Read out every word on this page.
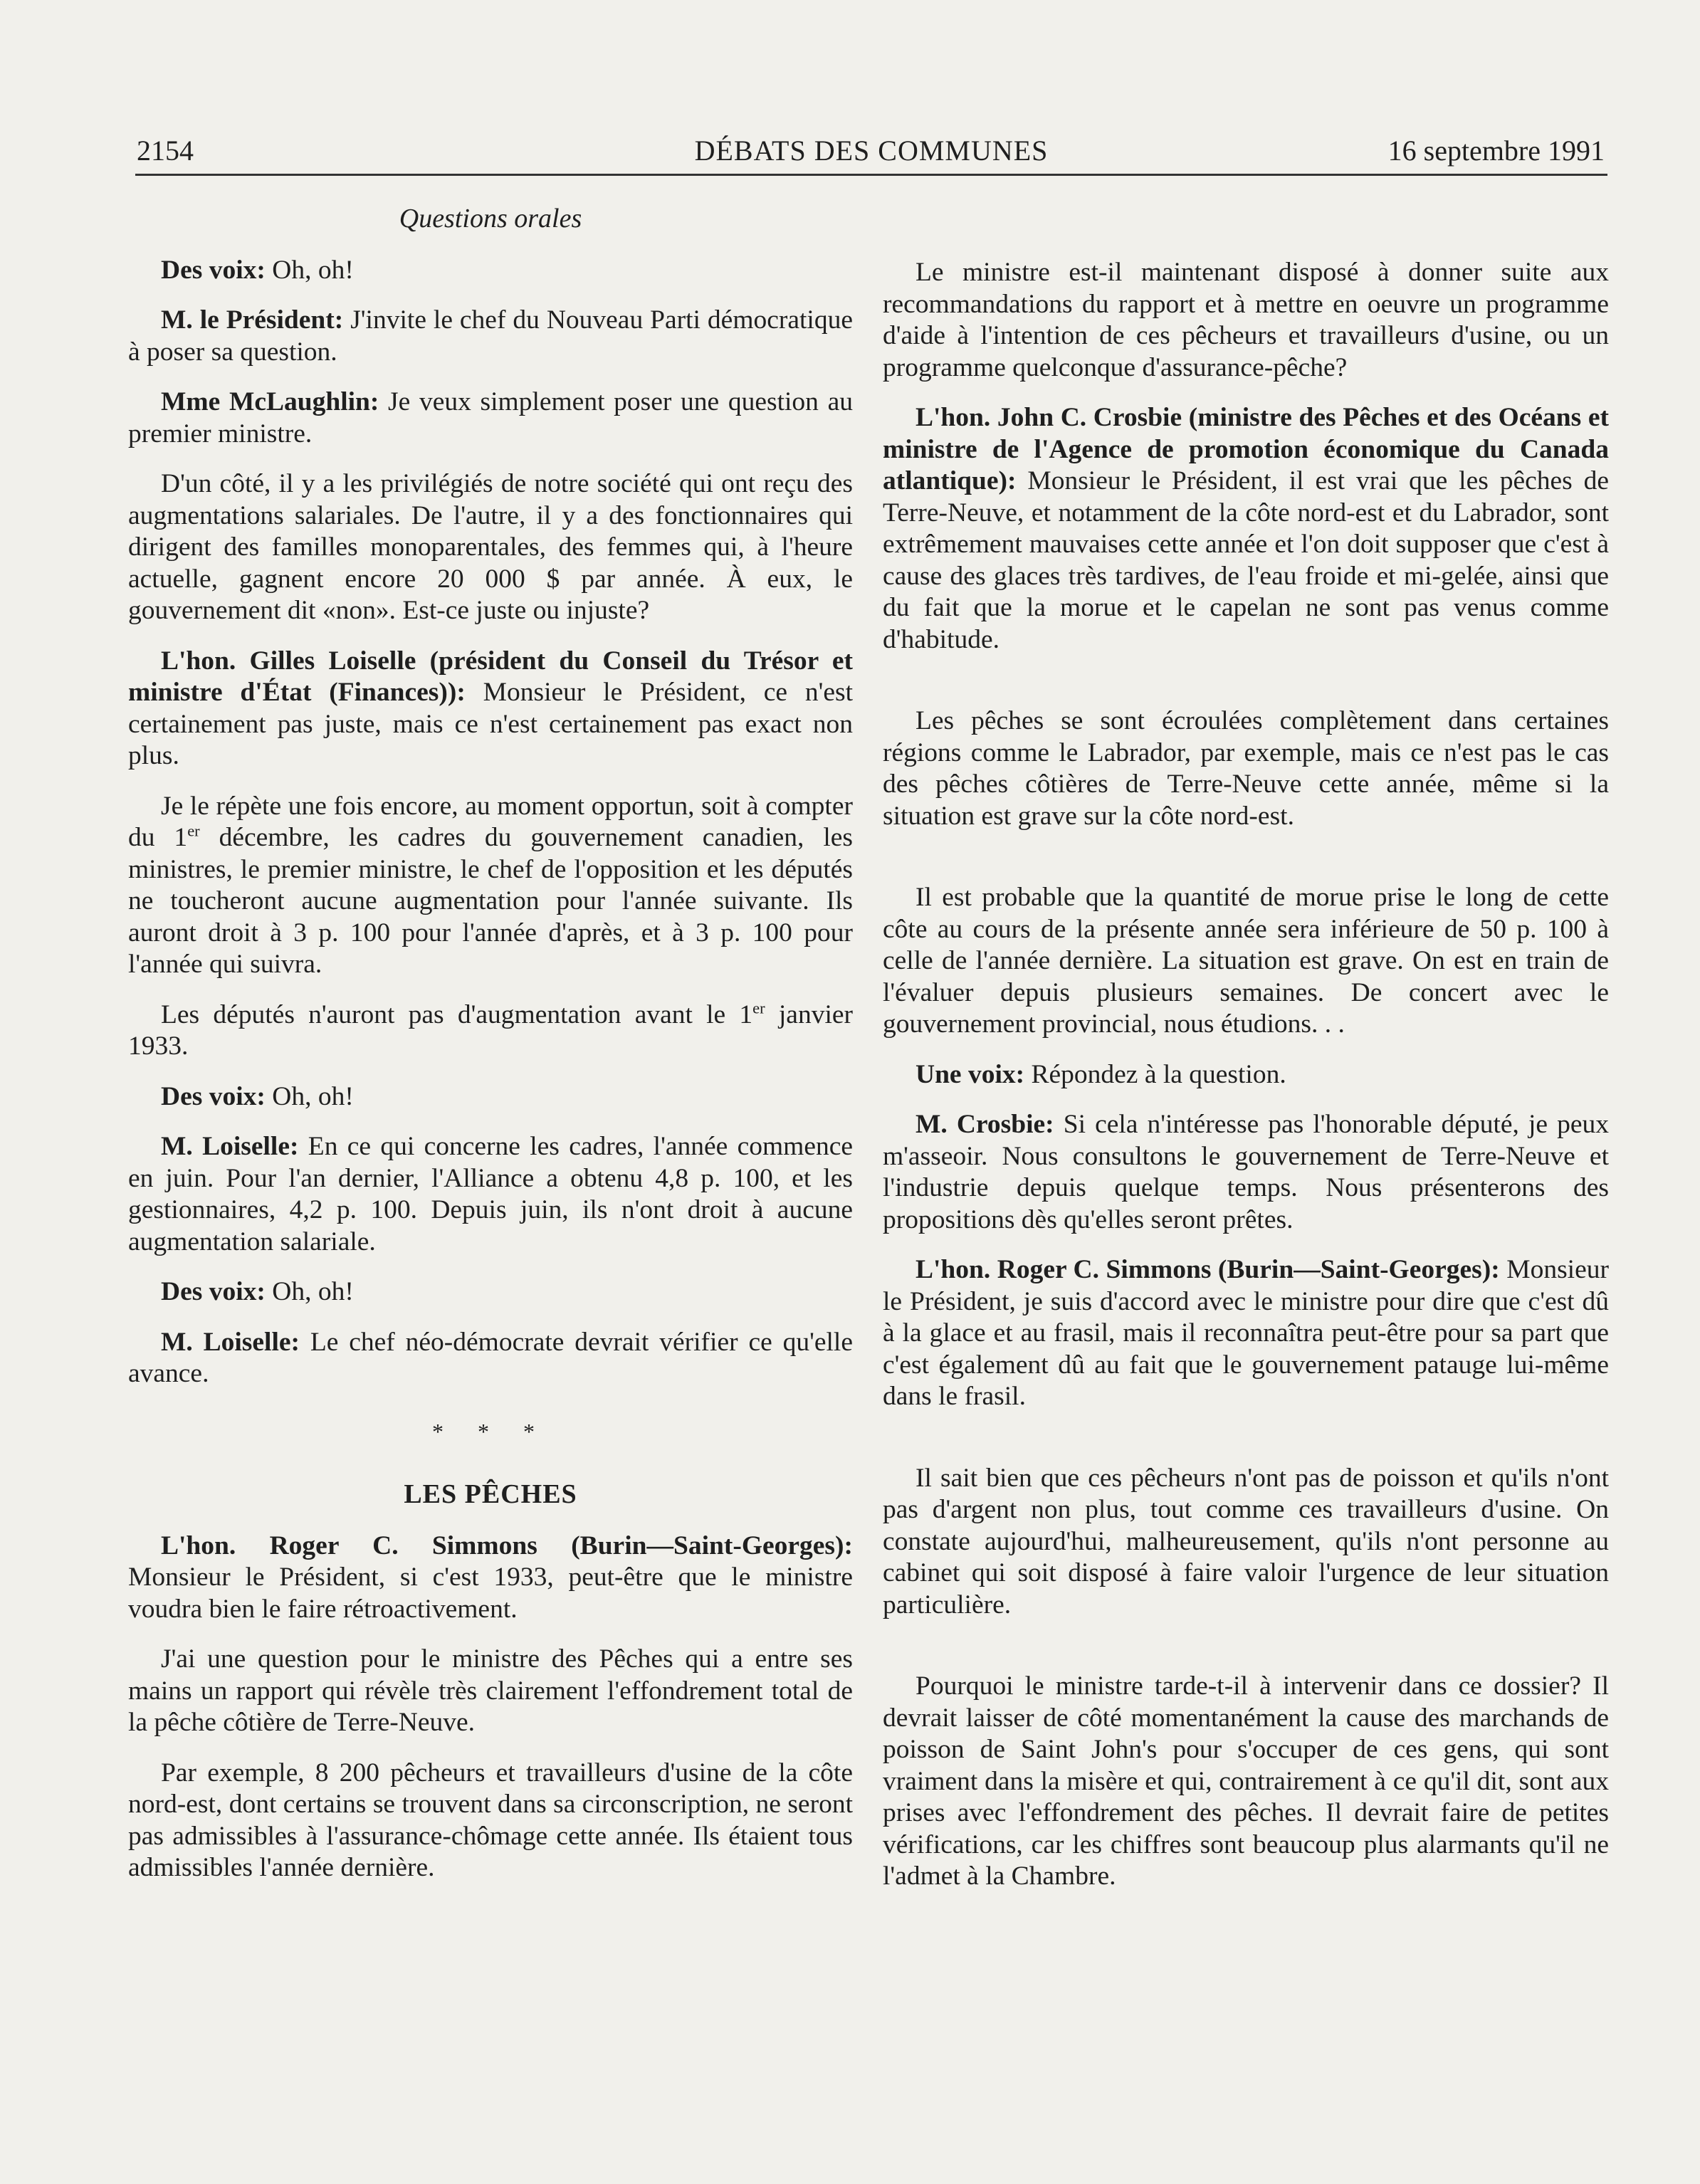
2154	DÉBATS DES COMMUNES	16 septembre 1991
Questions orales

Des voix: Oh, oh!

M. le Président: J'invite le chef du Nouveau Parti démocratique à poser sa question.

Mme McLaughlin: Je veux simplement poser une question au premier ministre.

D'un côté, il y a les privilégiés de notre société qui ont reçu des augmentations salariales. De l'autre, il y a des fonctionnaires qui dirigent des familles monoparentales, des femmes qui, à l'heure actuelle, gagnent encore 20 000 $ par année. À eux, le gouvernement dit «non». Est-ce juste ou injuste?

L'hon. Gilles Loiselle (président du Conseil du Trésor et ministre d'État (Finances)): Monsieur le Président, ce n'est certainement pas juste, mais ce n'est certainement pas exact non plus.

Je le répète une fois encore, au moment opportun, soit à compter du 1er décembre, les cadres du gouvernement canadien, les ministres, le premier ministre, le chef de l'opposition et les députés ne toucheront aucune augmentation pour l'année suivante. Ils auront droit à 3 p. 100 pour l'année d'après, et à 3 p. 100 pour l'année qui suivra.

Les députés n'auront pas d'augmentation avant le 1er janvier 1933.

Des voix: Oh, oh!

M. Loiselle: En ce qui concerne les cadres, l'année commence en juin. Pour l'an dernier, l'Alliance a obtenu 4,8 p. 100, et les gestionnaires, 4,2 p. 100. Depuis juin, ils n'ont droit à aucune augmentation salariale.

Des voix: Oh, oh!

M. Loiselle: Le chef néo-démocrate devrait vérifier ce qu'elle avance.

* * *
LES PÊCHES

L'hon. Roger C. Simmons (Burin—Saint-Georges): Monsieur le Président, si c'est 1933, peut-être que le ministre voudra bien le faire rétroactivement.

J'ai une question pour le ministre des Pêches qui a entre ses mains un rapport qui révèle très clairement l'effondrement total de la pêche côtière de Terre-Neuve.

Par exemple, 8 200 pêcheurs et travailleurs d'usine de la côte nord-est, dont certains se trouvent dans sa circonscription, ne seront pas admissibles à l'assurance-chômage cette année. Ils étaient tous admissibles l'année dernière.

Le ministre est-il maintenant disposé à donner suite aux recommandations du rapport et à mettre en oeuvre un programme d'aide à l'intention de ces pêcheurs et travailleurs d'usine, ou un programme quelconque d'assurance-pêche?

L'hon. John C. Crosbie (ministre des Pêches et des Océans et ministre de l'Agence de promotion économique du Canada atlantique): Monsieur le Président, il est vrai que les pêches de Terre-Neuve, et notamment de la côte nord-est et du Labrador, sont extrêmement mauvaises cette année et l'on doit supposer que c'est à cause des glaces très tardives, de l'eau froide et mi-gelée, ainsi que du fait que la morue et le capelan ne sont pas venus comme d'habitude.

Les pêches se sont écroulées complètement dans certaines régions comme le Labrador, par exemple, mais ce n'est pas le cas des pêches côtières de Terre-Neuve cette année, même si la situation est grave sur la côte nord-est.

Il est probable que la quantité de morue prise le long de cette côte au cours de la présente année sera inférieure de 50 p. 100 à celle de l'année dernière. La situation est grave. On est en train de l'évaluer depuis plusieurs semaines. De concert avec le gouvernement provincial, nous étudions. . .

Une voix: Répondez à la question.

M. Crosbie: Si cela n'intéresse pas l'honorable député, je peux m'asseoir. Nous consultons le gouvernement de Terre-Neuve et l'industrie depuis quelque temps. Nous présenterons des propositions dès qu'elles seront prêtes.

L'hon. Roger C. Simmons (Burin—Saint-Georges): Monsieur le Président, je suis d'accord avec le ministre pour dire que c'est dû à la glace et au frasil, mais il reconnaîtra peut-être pour sa part que c'est également dû au fait que le gouvernement patauge lui-même dans le frasil.

Il sait bien que ces pêcheurs n'ont pas de poisson et qu'ils n'ont pas d'argent non plus, tout comme ces travailleurs d'usine. On constate aujourd'hui, malheureusement, qu'ils n'ont personne au cabinet qui soit disposé à faire valoir l'urgence de leur situation particulière.

Pourquoi le ministre tarde-t-il à intervenir dans ce dossier? Il devrait laisser de côté momentanément la cause des marchands de poisson de Saint John's pour s'occuper de ces gens, qui sont vraiment dans la misère et qui, contrairement à ce qu'il dit, sont aux prises avec l'effondrement des pêches. Il devrait faire de petites vérifications, car les chiffres sont beaucoup plus alarmants qu'il ne l'admet à la Chambre.
